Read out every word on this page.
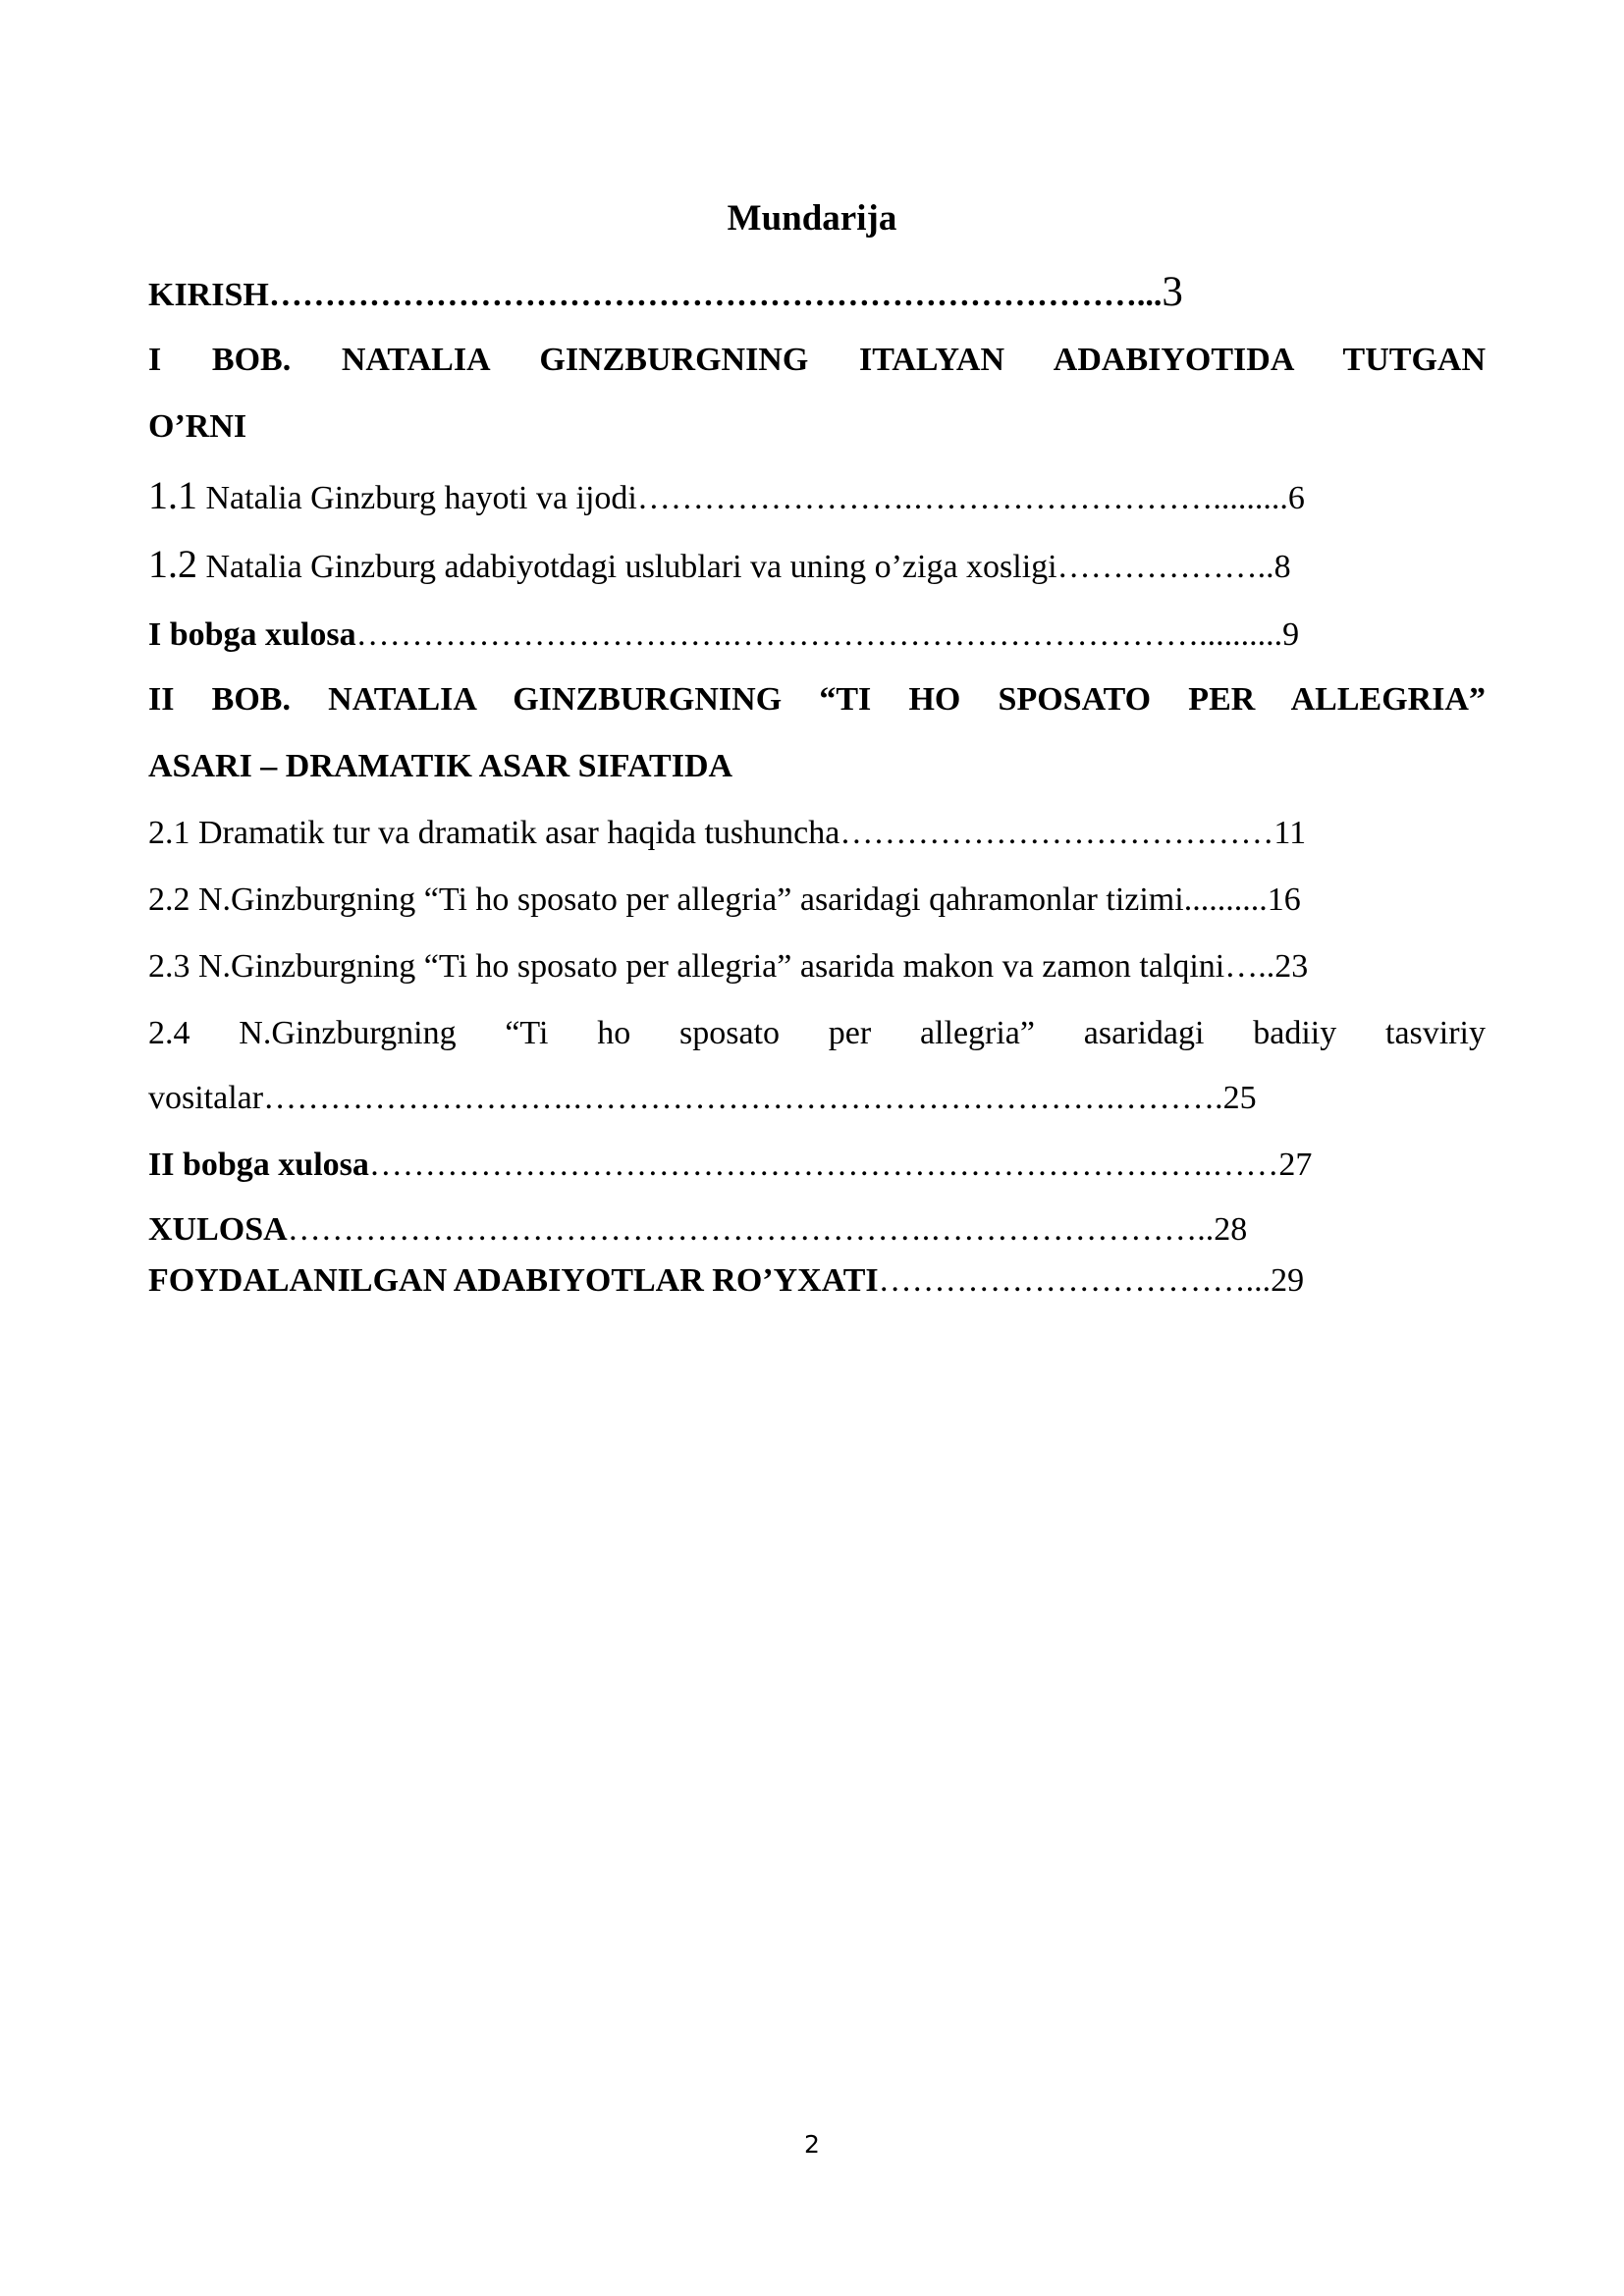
Mundarija
KIRISH……………………………………………………………………...3
I BOB. NATALIA GINZBURGNING ITALYAN ADABIYOTIDA TUTGAN
O’RNI
1.1 Natalia Ginzburg hayoti va ijodi…………………….……………………….........6
1.2 Natalia Ginzburg adabiyotdagi uslublari va uning o’ziga xosligi………………..8
I bobga xulosa…………………………….……………………………………..........9
II BOB. NATALIA GINZBURGNING “TI HO SPOSATO PER ALLEGRIA”
ASARI – DRAMATIK ASAR SIFATIDA
2.1 Dramatik tur va dramatik asar haqida tushuncha…………………………………11
2.2 N.Ginzburgning “Ti ho sposato per allegria” asaridagi qahramonlar tizimi..........16
2.3 N.Ginzburgning “Ti ho sposato per allegria” asarida makon va zamon talqini…..23
2.4 N.Ginzburgning “Ti ho sposato per allegria” asaridagi badiiy tasviriy
vositalar……………………….………………………………………….……….25
II bobga xulosa………………………………………………………………….……27
XULOSA………………………………………………….……………………..28
FOYDALANILGAN ADABIYOTLAR RO’YXATI……………………………...29
2
